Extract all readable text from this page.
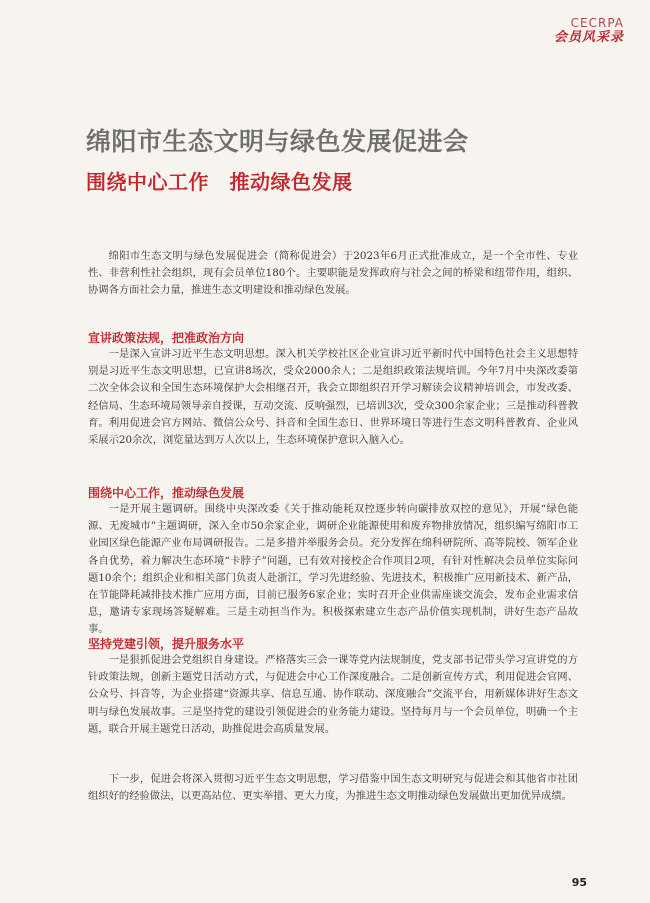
CECRPA
会员风采录
绵阳市生态文明与绿色发展促进会
围绕中心工作　推动绿色发展

绵阳市生态文明与绿色发展促进会（简称促进会）于2023年6月正式批准成立，是一个全市性、专业性、非营利性社会组织，现有会员单位180个。主要职能是发挥政府与社会之间的桥梁和纽带作用，组织、协调各方面社会力量，推进生态文明建设和推动绿色发展。

宣讲政策法规，把准政治方向

一是深入宣讲习近平生态文明思想。深入机关学校社区企业宣讲习近平新时代中国特色社会主义思想特别是习近平生态文明思想，已宣讲8场次，受众2000余人；二是组织政策法规培训。今年7月中央深改委第二次全体会议和全国生态环境保护大会相继召开，我会立即组织召开学习解读会议精神培训会，市发改委、经信局、生态环境局领导亲自授课，互动交流、反响强烈，已培训3次，受众300余家企业；三是推动科普教育。利用促进会官方网站、微信公众号、抖音和全国生态日、世界环境日等进行生态文明科普教育、企业风采展示20余次，浏览量达到万人次以上，生态环境保护意识入脑入心。

围绕中心工作，推动绿色发展

一是开展主题调研。围绕中央深改委《关于推动能耗双控逐步转向碳排放双控的意见》，开展“绿色能源、无废城市”主题调研，深入全市50余家企业，调研企业能源使用和废弃物排放情况，组织编写绵阳市工业园区绿色能源产业布局调研报告。二是多措并举服务会员。充分发挥在绵科研院所、高等院校、领军企业各自优势，着力解决生态环境“卡脖子”问题，已有效对接校企合作项目2项，有针对性解决会员单位实际问题10余个；组织企业和相关部门负责人赴浙江，学习先进经验、先进技术，积极推广应用新技术、新产品，在节能降耗减排技术推广应用方面，目前已服务6家企业；实时召开企业供需座谈交流会，发布企业需求信息，邀请专家现场答疑解难。三是主动担当作为。积极探索建立生态产品价值实现机制，讲好生态产品故事。

坚持党建引领，提升服务水平

一是狠抓促进会党组织自身建设。严格落实三会一课等党内法规制度，党支部书记带头学习宣讲党的方针政策法规，创新主题党日活动方式，与促进会中心工作深度融合。二是创新宣传方式，利用促进会官网、公众号、抖音等，为企业搭建“资源共享、信息互通、协作联动、深度融合”交流平台，用新媒体讲好生态文明与绿色发展故事。三是坚持党的建设引领促进会的业务能力建设。坚持每月与一个会员单位，明确一个主题，联合开展主题党日活动，助推促进会高质量发展。

下一步，促进会将深入贯彻习近平生态文明思想，学习借鉴中国生态文明研究与促进会和其他省市社团组织好的经验做法，以更高站位、更实举措、更大力度，为推进生态文明推动绿色发展做出更加优异成绩。

95
